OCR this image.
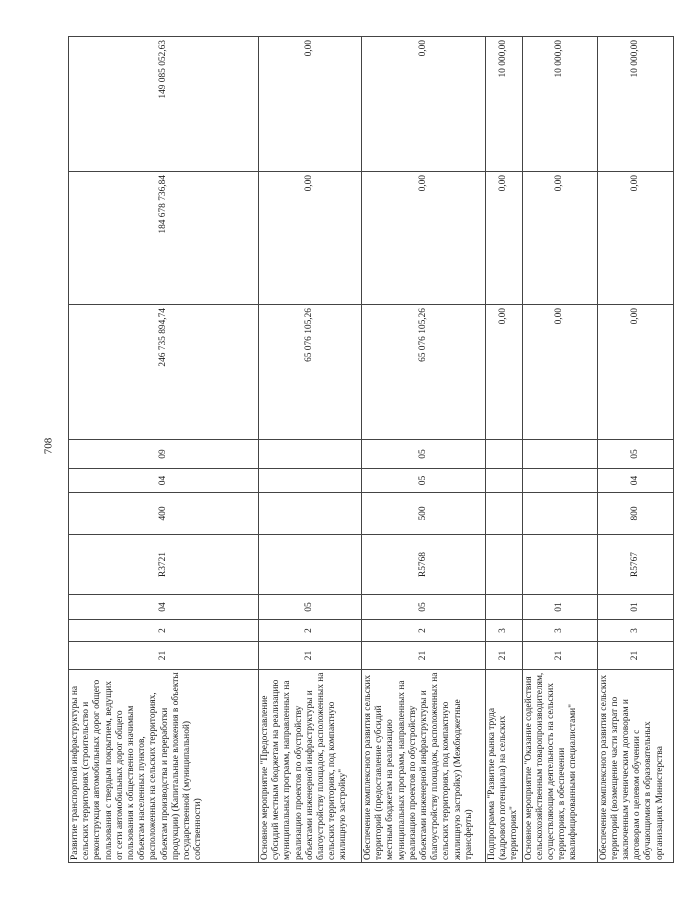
708
Развитие транспортной инфраструктуры на сельских территориях (строительство и реконструкция автомобильных дорог общего пользования с твердым покрытием, ведущих от сети автомобильных дорог общего пользования к общественно значимым объектам населенных пунктов, расположенных на сельских территориях, объектам производства и переработки продукции) (Капитальные вложения в объекты государственной (муниципальной) собственности)	21	2	04	R3721	400	04	09	246 735 894,74	184 678 736,84	149 085 052,63
Основное мероприятие "Предоставление субсидий местным бюджетам на реализацию муниципальных программ, направленных на реализацию проектов по обустройству объектами инженерной инфраструктуры и благоустройству площадок, расположенных на сельских территориях, под компактную жилищную застройку"	21	2	05					65 076 105,26	0,00	0,00
Обеспечение комплексного развития сельских территорий (предоставление субсидий местным бюджетам на реализацию муниципальных программ, направленных на реализацию проектов по обустройству объектами инженерной инфраструктуры и благоустройству площадок, расположенных на сельских территориях, под компактную жилищную застройку) (Межбюджетные трансферты)	21	2	05	R5768	500	05	05	65 076 105,26	0,00	0,00
Подпрограмма "Развитие рынка труда (кадрового потенциала) на сельских территориях"	21	3						0,00	0,00	10 000,00
Основное мероприятие "Оказание содействия сельскохозяйственным товаропроизводителям, осуществляющим деятельность на сельских территориях, в обеспечении квалифицированными специалистами"	21	3	01					0,00	0,00	10 000,00
Обеспечение комплексного развития сельских территорий (возмещение части затрат по заключенным ученическим договорам и договорам о целевом обучении с обучающимися в образовательных организациях Министерства	21	3	01	R5767	800	04	05	0,00	0,00	10 000,00
